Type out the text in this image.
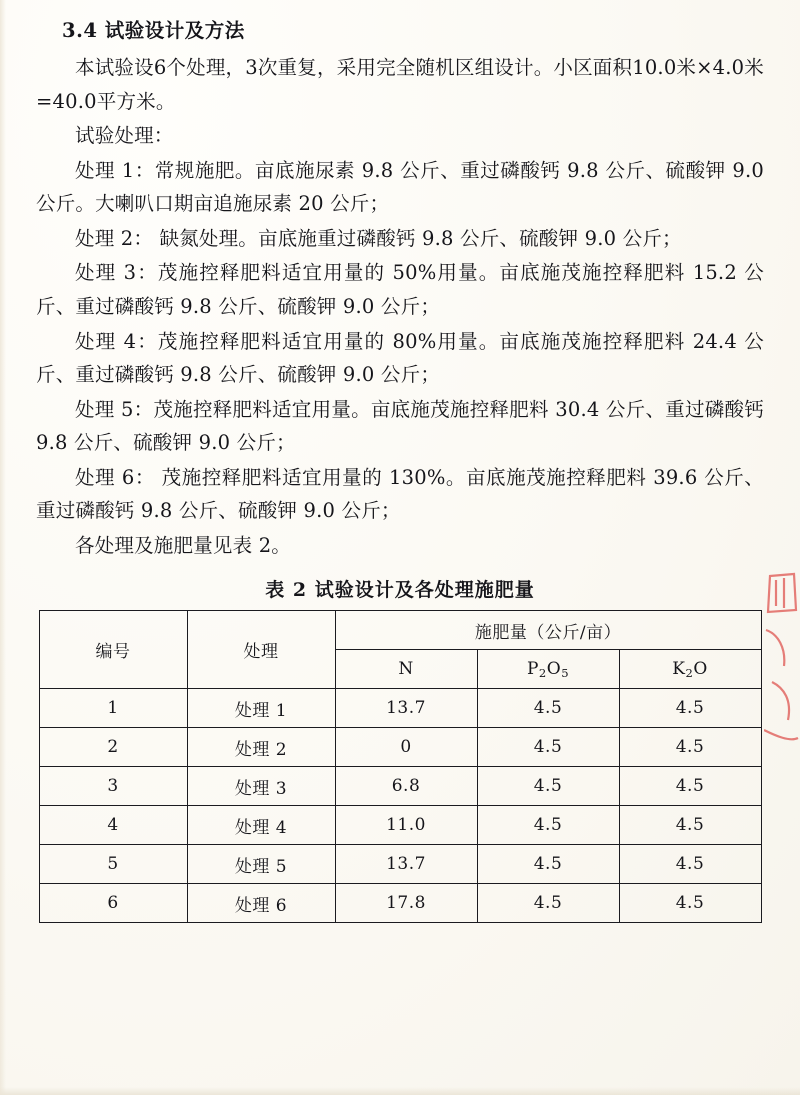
3.4 试验设计及方法

本试验设6个处理，3次重复，采用完全随机区组设计。小区面积10.0米×4.0米=40.0平方米。

试验处理：

处理 1：常规施肥。亩底施尿素 9.8 公斤、重过磷酸钙 9.8 公斤、硫酸钾 9.0 公斤。大喇叭口期亩追施尿素 20 公斤；

处理 2： 缺氮处理。亩底施重过磷酸钙 9.8 公斤、硫酸钾 9.0 公斤；

处理 3：茂施控释肥料适宜用量的 50%用量。亩底施茂施控释肥料 15.2 公斤、重过磷酸钙 9.8 公斤、硫酸钾 9.0 公斤；

处理 4：茂施控释肥料适宜用量的 80%用量。亩底施茂施控释肥料 24.4 公斤、重过磷酸钙 9.8 公斤、硫酸钾 9.0 公斤；

处理 5：茂施控释肥料适宜用量。亩底施茂施控释肥料 30.4 公斤、重过磷酸钙 9.8 公斤、硫酸钾 9.0 公斤；

处理 6： 茂施控释肥料适宜用量的 130%。亩底施茂施控释肥料 39.6 公斤、重过磷酸钙 9.8 公斤、硫酸钾 9.0 公斤；

各处理及施肥量见表 2。

表 2 试验设计及各处理施肥量
编号	处理	施肥量（公斤/亩）		
		N	$P_2O_5$	$K_2O$
1	处理 1	13.7	4.5	4.5
2	处理 2	0	4.5	4.5
3	处理 3	6.8	4.5	4.5
4	处理 4	11.0	4.5	4.5
5	处理 5	13.7	4.5	4.5
6	处理 6	17.8	4.5	4.5
